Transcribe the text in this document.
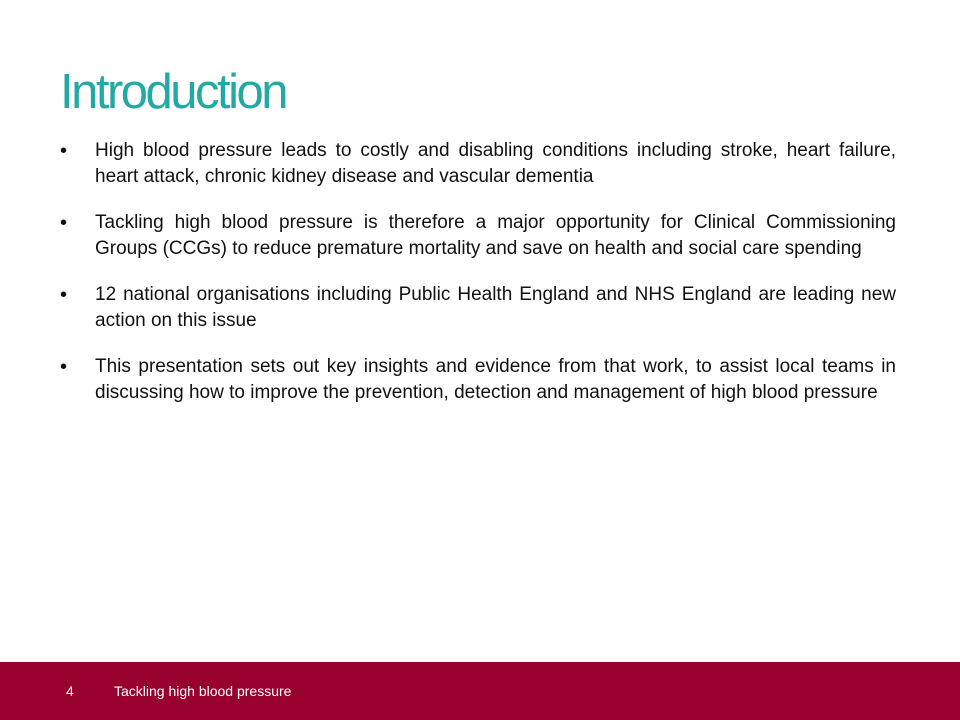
Introduction
•	High blood pressure leads to costly and disabling conditions including stroke, heart failure, heart attack, chronic kidney disease and vascular dementia
•	Tackling high blood pressure is therefore a major opportunity for Clinical Commissioning Groups (CCGs) to reduce premature mortality and save on health and social care spending
•	12 national organisations including Public Health England and NHS England are leading new action on this issue
•	This presentation sets out key insights and evidence from that work, to assist local teams in discussing how to improve the prevention, detection and management of high blood pressure
4	Tackling high blood pressure
